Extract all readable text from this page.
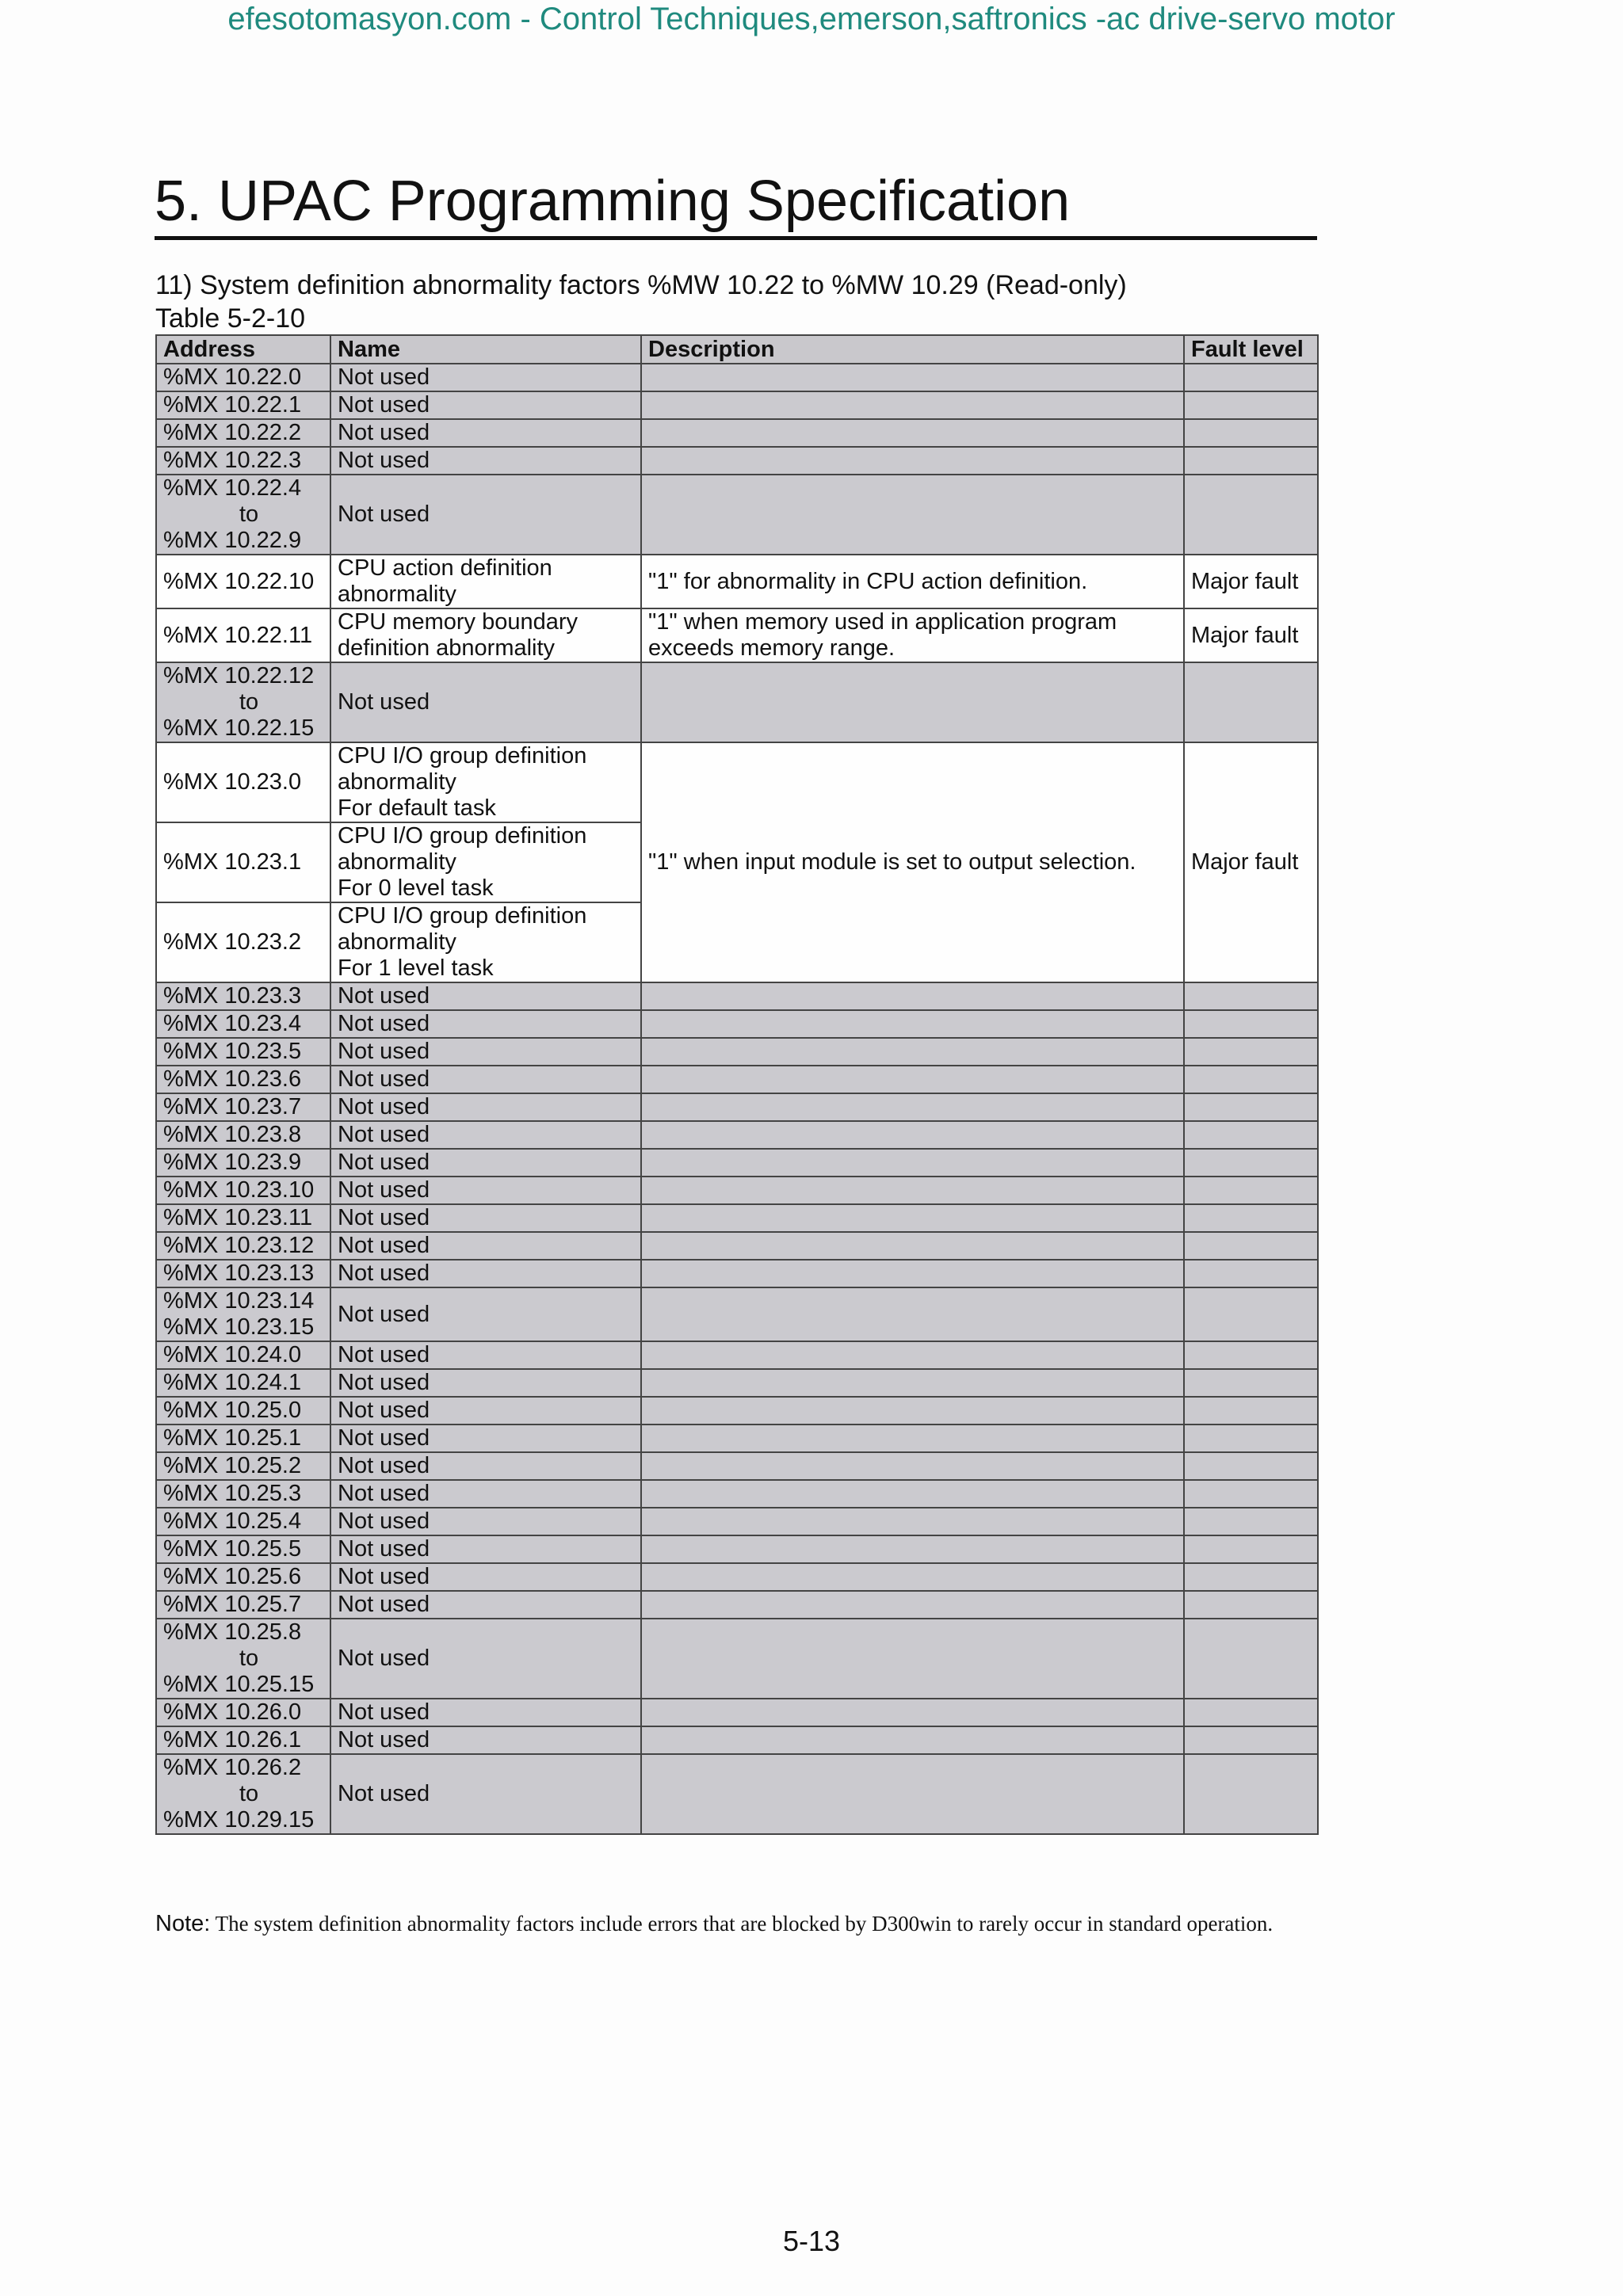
efesotomasyon.com - Control Techniques,emerson,saftronics -ac drive-servo motor
5. UPAC Programming Specification
11) System definition abnormality factors %MW 10.22 to %MW 10.29 (Read-only)
Table 5-2-10
Address	Name	Description	Fault level

%MX 10.22.0	Not used		

%MX 10.22.1	Not used		

%MX 10.22.2	Not used		

%MX 10.22.3	Not used		

%MX 10.22.4
to
%MX 10.22.9	Not used		

%MX 10.22.10	CPU action definition abnormality	"1" for abnormality in CPU action definition.	Major fault

%MX 10.22.11	CPU memory boundary definition abnormality	"1" when memory used in application program exceeds memory range.	Major fault

%MX 10.22.12
to
%MX 10.22.15	Not used		

%MX 10.23.0	CPU I/O group definition
abnormality
For default task	"1" when input module is set to output selection.	Major fault

%MX 10.23.1	CPU I/O group definition
abnormality
For 0 level task		

%MX 10.23.2	CPU I/O group definition
abnormality
For 1 level task		

%MX 10.23.3	Not used		

%MX 10.23.4	Not used		

%MX 10.23.5	Not used		

%MX 10.23.6	Not used		

%MX 10.23.7	Not used		

%MX 10.23.8	Not used		

%MX 10.23.9	Not used		

%MX 10.23.10	Not used		

%MX 10.23.11	Not used		

%MX 10.23.12	Not used		

%MX 10.23.13	Not used		

%MX 10.23.14
%MX 10.23.15	Not used		

%MX 10.24.0	Not used		

%MX 10.24.1	Not used		

%MX 10.25.0	Not used		

%MX 10.25.1	Not used		

%MX 10.25.2	Not used		

%MX 10.25.3	Not used		

%MX 10.25.4	Not used		

%MX 10.25.5	Not used		

%MX 10.25.6	Not used		

%MX 10.25.7	Not used		

%MX 10.25.8
to
%MX 10.25.15	Not used		

%MX 10.26.0	Not used		

%MX 10.26.1	Not used		

%MX 10.26.2
to
%MX 10.29.15	Not used		
Note: The system definition abnormality factors include errors that are blocked by D300win to rarely occur in standard operation.
5-13
